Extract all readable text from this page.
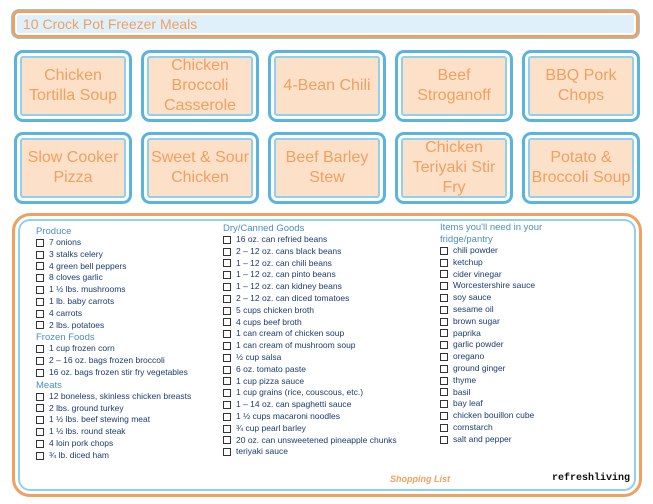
10 Crock Pot Freezer Meals
Chicken Tortilla Soup
Chicken Broccoli Casserole
4-Bean Chili
Beef Stroganoff
BBQ Pork Chops
Slow Cooker Pizza
Sweet & Sour Chicken
Beef Barley Stew
Chicken Teriyaki Stir Fry
Potato & Broccoli Soup
Produce
7 onions
3 stalks celery
4 green bell peppers
8 cloves garlic
1 ½ lbs. mushrooms
1 lb. baby carrots
4 carrots
2 lbs. potatoes
Frozen Foods
1 cup frozen corn
2 – 16 oz. bags frozen broccoli
16 oz. bags frozen stir fry vegetables
Meats
12 boneless, skinless chicken breasts
2 lbs. ground turkey
1 ½ lbs. beef stewing meat
1 ½ lbs. round steak
4 loin pork chops
¾ lb. diced ham
Dry/Canned Goods
16 oz. can refried beans
2 – 12 oz. cans black beans
1 – 12 oz. can chili beans
1 – 12 oz. can pinto beans
1 – 12 oz. can kidney beans
2 – 12 oz. can diced tomatoes
5 cups chicken broth
4 cups beef broth
1 can cream of chicken soup
1 can cream of mushroom soup
½ cup salsa
6 oz. tomato paste
1 cup pizza sauce
1 cup grains (rice, couscous, etc.)
1 – 14 oz. can spaghetti sauce
1 ½ cups macaroni noodles
¾ cup pearl barley
20 oz. can unsweetened pineapple chunks
teriyaki sauce
Items you'll need in your
fridge/pantry
chili powder
ketchup
cider vinegar
Worcestershire sauce
soy sauce
sesame oil
brown sugar
paprika
garlic powder
oregano
ground ginger
thyme
basil
bay leaf
chicken bouillon cube
cornstarch
salt and pepper
Shopping List	refreshliving
